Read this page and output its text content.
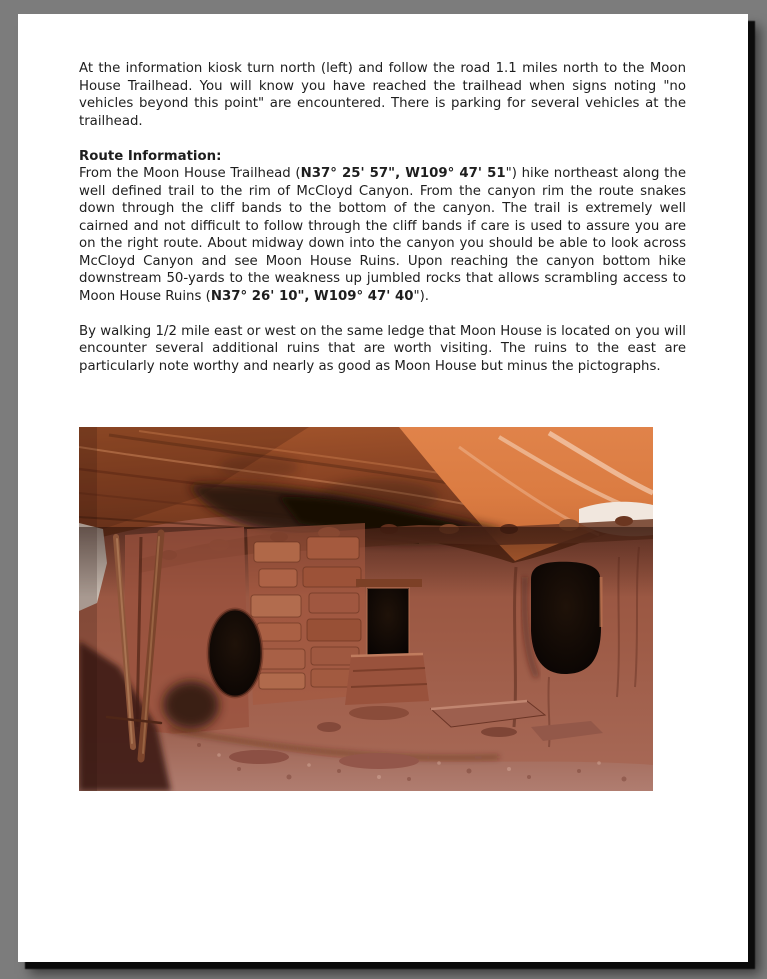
At the information kiosk turn north (left) and follow the road 1.1 miles north to the Moon House Trailhead. You will know you have reached the trailhead when signs noting "no vehicles beyond this point" are encountered. There is parking for several vehicles at the trailhead.

Route Information:

From the Moon House Trailhead (N37° 25' 57", W109° 47' 51") hike northeast along the well defined trail to the rim of McCloyd Canyon. From the canyon rim the route snakes down through the cliff bands to the bottom of the canyon. The trail is extremely well cairned and not difficult to follow through the cliff bands if care is used to assure you are on the right route. About midway down into the canyon you should be able to look across McCloyd Canyon and see Moon House Ruins. Upon reaching the canyon bottom hike downstream 50-yards to the weakness up jumbled rocks that allows scrambling access to Moon House Ruins (N37° 26' 10", W109° 47' 40").

By walking 1/2 mile east or west on the same ledge that Moon House is located on you will encounter several additional ruins that are worth visiting. The ruins to the east are particularly note worthy and nearly as good as Moon House but minus the pictographs.
